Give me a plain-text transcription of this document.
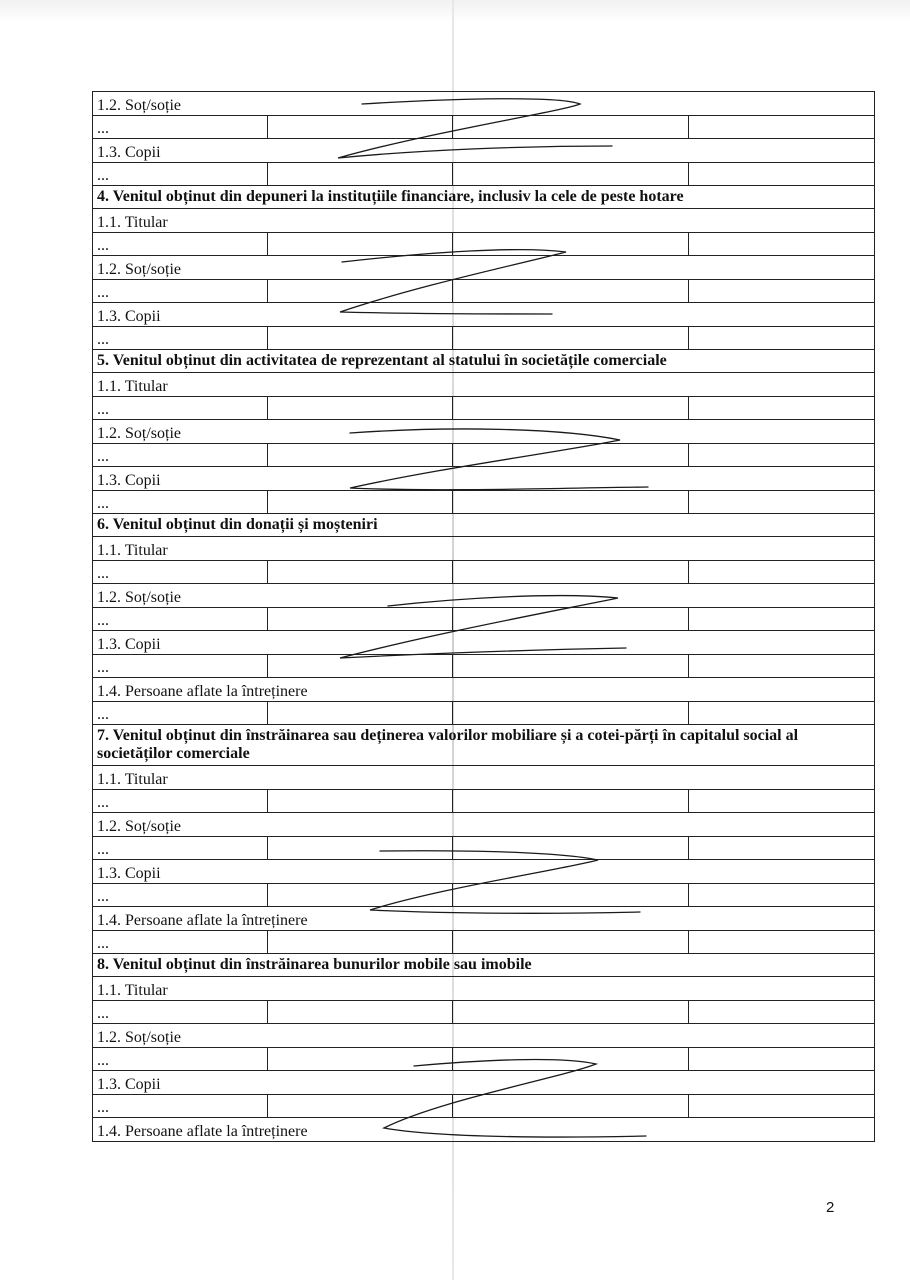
1.2. Soț/soție			
...			
1.3. Copii			
...			
4. Venitul obținut din depuneri la instituțiile financiare, inclusiv la cele de peste hotare			
1.1. Titular			
...			
1.2. Soț/soție			
...			
1.3. Copii			
...			
5. Venitul obținut din activitatea de reprezentant al statului în societățile comerciale			
1.1. Titular			
...			
1.2. Soț/soție			
...			
1.3. Copii			
...			
6. Venitul obținut din donații și moșteniri			
1.1. Titular			
...			
1.2. Soț/soție			
...			
1.3. Copii			
...			
1.4. Persoane aflate la întreținere			
...			
7. Venitul obținut din înstrăinarea sau deținerea valorilor mobiliare și a cotei-părți în capitalul social al societăților comerciale			
1.1. Titular			
...			
1.2. Soț/soție			
...			
1.3. Copii			
...			
1.4. Persoane aflate la întreținere			
...			
8. Venitul obținut din înstrăinarea bunurilor mobile sau imobile			
1.1. Titular			
...			
1.2. Soț/soție			
...			
1.3. Copii			
...			
1.4. Persoane aflate la întreținere			
2
